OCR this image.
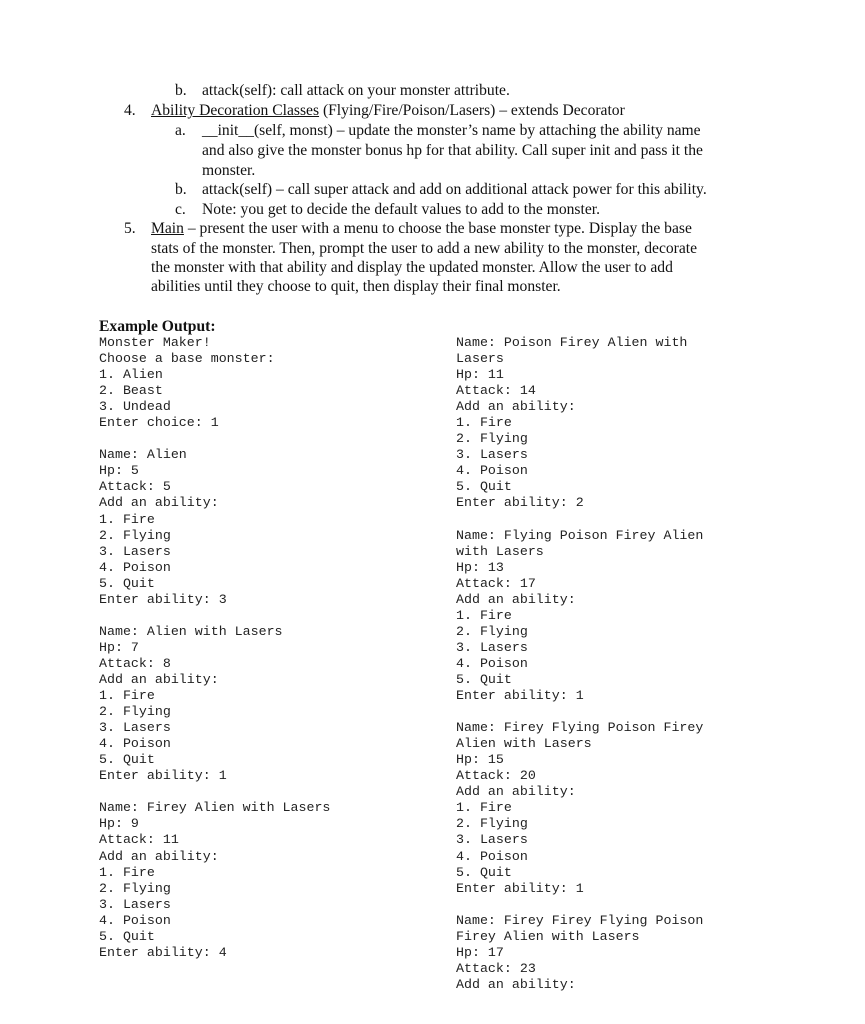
b. attack(self): call attack on your monster attribute.
4. Ability Decoration Classes (Flying/Fire/Poison/Lasers) – extends Decorator
a. __init__(self, monst) – update the monster’s name by attaching the ability name
and also give the monster bonus hp for that ability. Call super init and pass it the
monster.
b. attack(self) – call super attack and add on additional attack power for this ability.
c. Note: you get to decide the default values to add to the monster.
5. Main – present the user with a menu to choose the base monster type. Display the base
stats of the monster. Then, prompt the user to add a new ability to the monster, decorate
the monster with that ability and display the updated monster. Allow the user to add
abilities until they choose to quit, then display their final monster.
Example Output:
Monster Maker!
Choose a base monster:
1. Alien
2. Beast
3. Undead
Enter choice: 1

Name: Alien
Hp: 5
Attack: 5
Add an ability:
1. Fire
2. Flying
3. Lasers
4. Poison
5. Quit
Enter ability: 3

Name: Alien with Lasers
Hp: 7
Attack: 8
Add an ability:
1. Fire
2. Flying
3. Lasers
4. Poison
5. Quit
Enter ability: 1

Name: Firey Alien with Lasers
Hp: 9
Attack: 11
Add an ability:
1. Fire
2. Flying
3. Lasers
4. Poison
5. Quit
Enter ability: 4
Name: Poison Firey Alien with
Lasers
Hp: 11
Attack: 14
Add an ability:
1. Fire
2. Flying
3. Lasers
4. Poison
5. Quit
Enter ability: 2

Name: Flying Poison Firey Alien
with Lasers
Hp: 13
Attack: 17
Add an ability:
1. Fire
2. Flying
3. Lasers
4. Poison
5. Quit
Enter ability: 1

Name: Firey Flying Poison Firey
Alien with Lasers
Hp: 15
Attack: 20
Add an ability:
1. Fire
2. Flying
3. Lasers
4. Poison
5. Quit
Enter ability: 1

Name: Firey Firey Flying Poison
Firey Alien with Lasers
Hp: 17
Attack: 23
Add an ability:
